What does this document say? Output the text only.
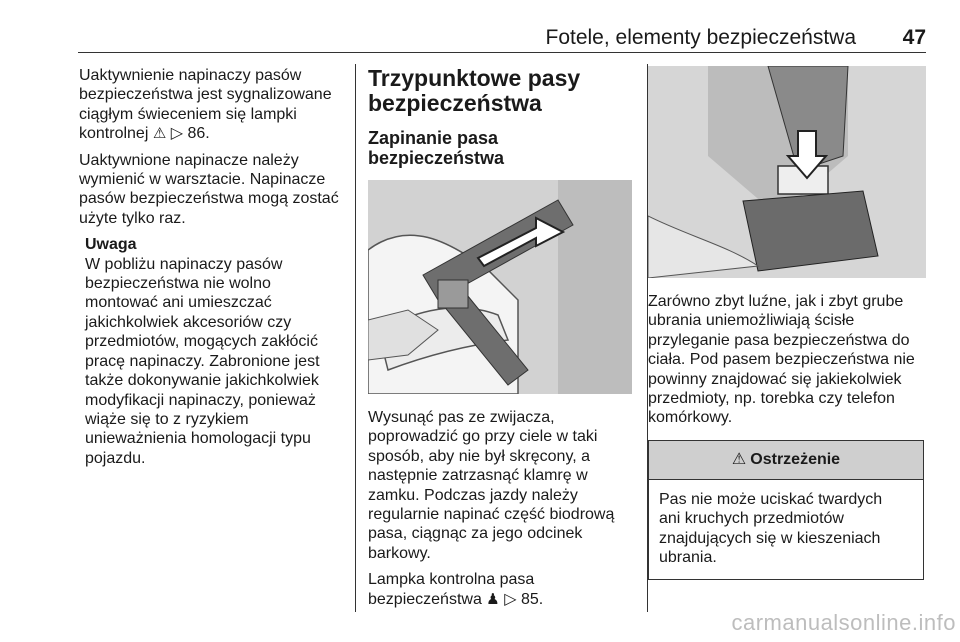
Fotele, elementy bezpieczeństwa 47

Uaktywnienie napinaczy pasów
bezpieczeństwa jest sygnalizowane
ciągłym świeceniem się lampki
kontrolnej ⚠ ▷ 86.

Uaktywnione napinacze należy
wymienić w warsztacie. Napinacze
pasów bezpieczeństwa mogą zostać
użyte tylko raz.

Uwaga

W pobliżu napinaczy pasów
bezpieczeństwa nie wolno
montować ani umieszczać
jakichkolwiek akcesoriów czy
przedmiotów, mogących zakłócić
pracę napinaczy. Zabronione jest
także dokonywanie jakichkolwiek
modyfikacji napinaczy, ponieważ
wiąże się to z ryzykiem
unieważnienia homologacji typu
pojazdu.

Trzypunktowe pasy
bezpieczeństwa
Zapinanie pasa bezpieczeństwa

Wysunąć pas ze zwijacza,
poprowadzić go przy ciele w taki
sposób, aby nie był skręcony, a
następnie zatrzasnąć klamrę w
zamku. Podczas jazdy należy
regularnie napinać część biodrową
pasa, ciągnąc za jego odcinek
barkowy.

Lampka kontrolna pasa
bezpieczeństwa ♟ ▷ 85.

Zarówno zbyt luźne, jak i zbyt grube
ubrania uniemożliwiają ścisłe
przyleganie pasa bezpieczeństwa do
ciała. Pod pasem bezpieczeństwa nie
powinny znajdować się jakiekolwiek
przedmioty, np. torebka czy telefon
komórkowy.

⚠ Ostrzeżenie
Pas nie może uciskać twardych
ani kruchych przedmiotów
znajdujących się w kieszeniach
ubrania.
carmanualsonline.info
